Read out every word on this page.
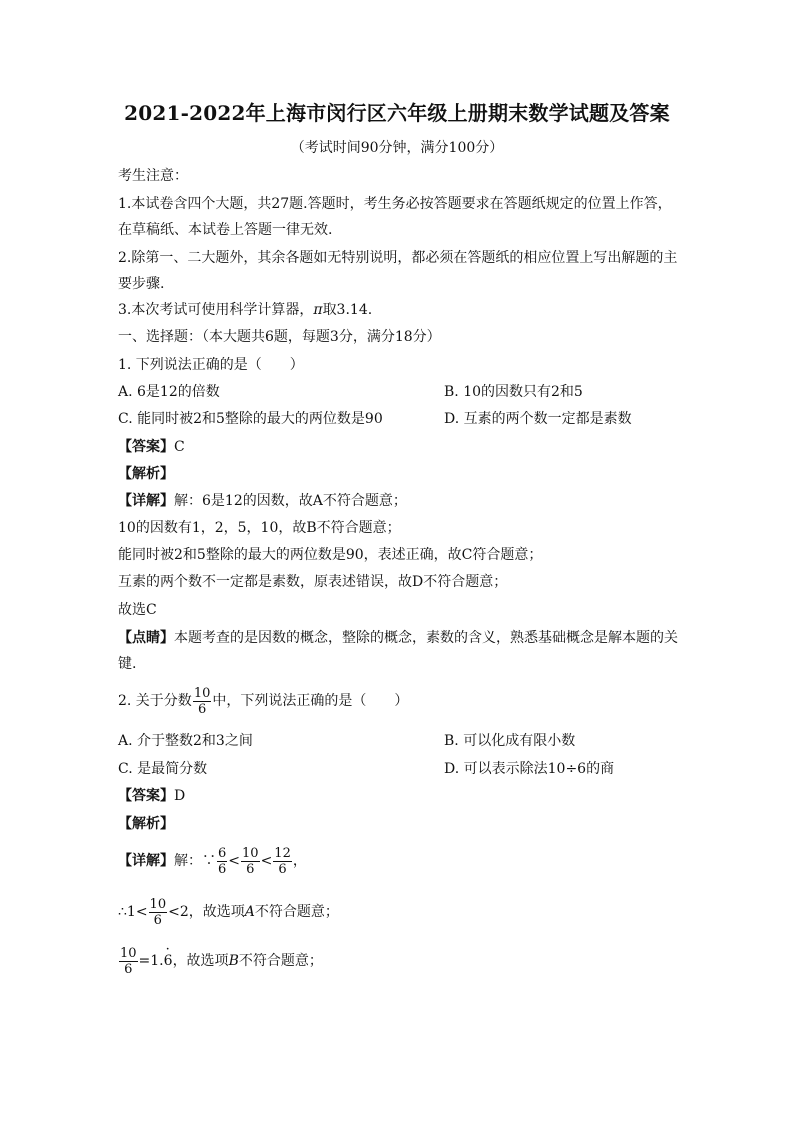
2021-2022年上海市闵行区六年级上册期末数学试题及答案
（考试时间90分钟，满分100分）
考生注意：
1.本试卷含四个大题，共27题.答题时，考生务必按答题要求在答题纸规定的位置上作答，
在草稿纸、本试卷上答题一律无效.
2.除第一、二大题外，其余各题如无特别说明，都必须在答题纸的相应位置上写出解题的主
要步骤.
3.本次考试可使用科学计算器，π取3.14.
一、选择题：（本大题共6题，每题3分，满分18分）
1. 下列说法正确的是（　　）
A. 6是12的倍数	B. 10的因数只有2和5
C. 能同时被2和5整除的最大的两位数是90	D. 互素的两个数一定都是素数
【答案】C
【解析】
【详解】解：6是12的因数，故A不符合题意；
10的因数有1，2，5，10，故B不符合题意；
能同时被2和5整除的最大的两位数是90，表述正确，故C符合题意；
互素的两个数不一定都是素数，原表述错误，故D不符合题意；
故选C
【点睛】本题考查的是因数的概念，整除的概念，素数的含义，熟悉基础概念是解本题的关
键.
2. 关于分数 $\frac{10}{6}$ 中，下列说法正确的是（　　）
A. 介于整数2和3之间	B. 可以化成有限小数
C. 是最简分数	D. 可以表示除法10÷6的商
【答案】D
【解析】
【详解】解：∵ $\frac{6}{6} < \frac{10}{6} < \frac{12}{6}$ ，
∴1< $\frac{10}{6} <2$，故选项A不符合题意；
$\frac{10}{6} =1.\cdot 6$，故选项B不符合题意；
